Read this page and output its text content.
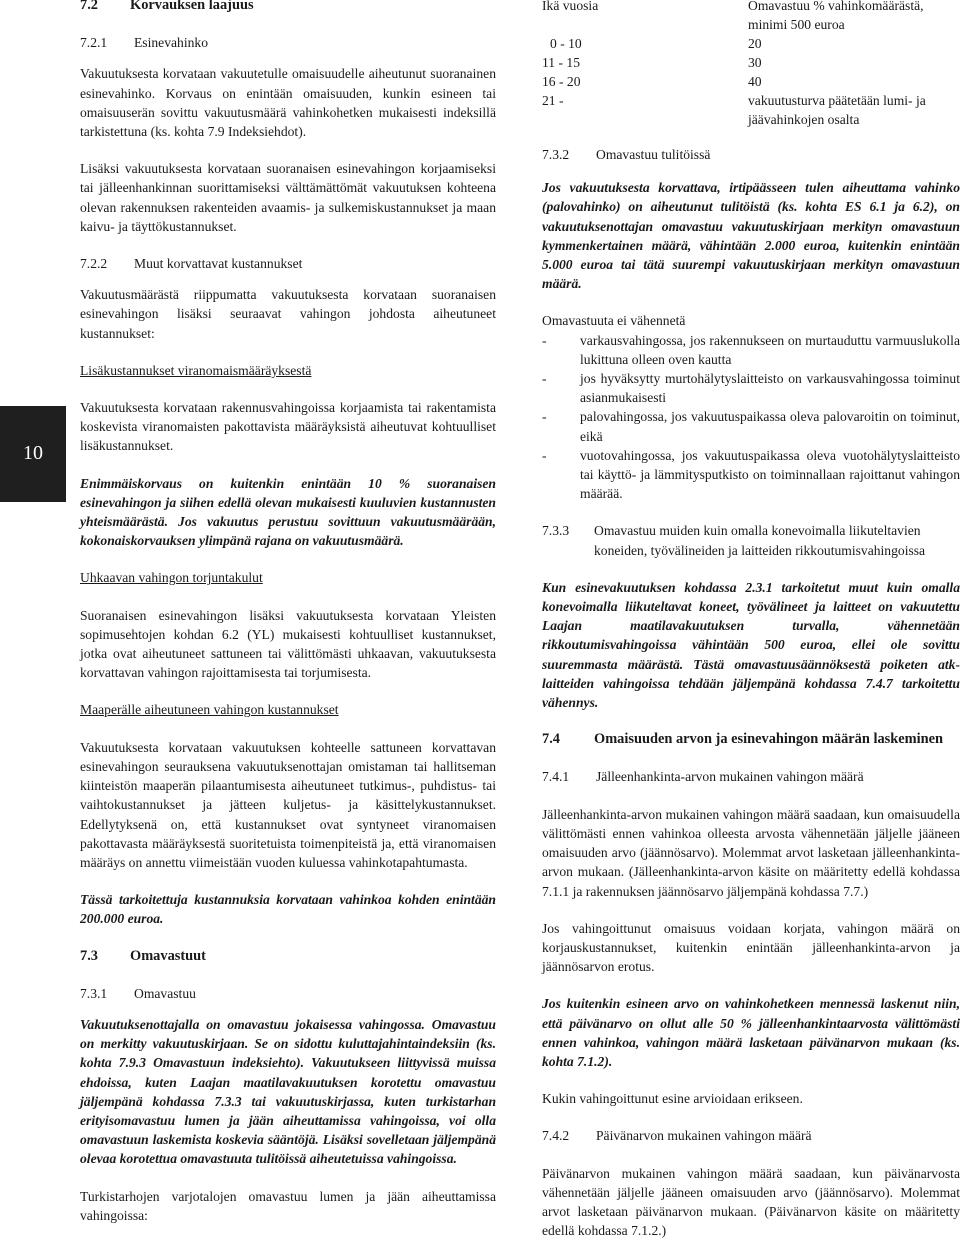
10
7.2	Korvauksen laajuus
7.2.1	Esinevahinko

Vakuutuksesta korvataan vakuutetulle omaisuudelle aiheutunut suoranainen esinevahinko. Korvaus on enintään omaisuuden, kunkin esineen tai omaisuuserän sovittu vakuutusmäärä vahinkohetken mukaisesti indeksillä tarkistettuna (ks. kohta 7.9 Indeksiehdot).

Lisäksi vakuutuksesta korvataan suoranaisen esinevahingon korjaamiseksi tai jälleenhankinnan suorittamiseksi välttämättömät vakuutuksen kohteena olevan rakennuksen rakenteiden avaamis- ja sulkemiskustannukset ja maan kaivu- ja täyttökustannukset.

7.2.2	Muut korvattavat kustannukset

Vakuutusmäärästä riippumatta vakuutuksesta korvataan suoranaisen esinevahingon lisäksi seuraavat vahingon johdosta aiheutuneet kustannukset:

Lisäkustannukset viranomaismääräyksestä

Vakuutuksesta korvataan rakennusvahingoissa korjaamista tai rakentamista koskevista viranomaisten pakottavista määräyksistä aiheutuvat kohtuulliset lisäkustannukset.

Enimmäiskorvaus on kuitenkin enintään 10 % suoranaisen esinevahingon ja siihen edellä olevan mukaisesti kuuluvien kustannusten yhteismäärästä. Jos vakuutus perustuu sovittuun vakuutusmäärään, kokonaiskorvauksen ylimpänä rajana on vakuutusmäärä.

Uhkaavan vahingon torjuntakulut

Suoranaisen esinevahingon lisäksi vakuutuksesta korvataan Yleisten sopimusehtojen kohdan 6.2 (YL) mukaisesti kohtuulliset kustannukset, jotka ovat aiheutuneet sattuneen tai välittömästi uhkaavan, vakuutuksesta korvattavan vahingon rajoittamisesta tai torjumisesta.

Maaperälle aiheutuneen vahingon kustannukset

Vakuutuksesta korvataan vakuutuksen kohteelle sattuneen korvattavan esinevahingon seurauksena vakuutuksenottajan omistaman tai hallitseman kiinteistön maaperän pilaantumisesta aiheutuneet tutkimus-, puhdistus- tai vaihtokustannukset ja jätteen kuljetus- ja käsittelykustannukset. Edellytyksenä on, että kustannukset ovat syntyneet viranomaisen pakottavasta määräyksestä suoritetuista toimenpiteistä ja, että viranomaisen määräys on annettu viimeistään vuoden kuluessa vahinkotapahtumasta.

Tässä tarkoitettuja kustannuksia korvataan vahinkoa kohden enintään 200.000 euroa.

7.3	Omavastuut
7.3.1	Omavastuu

Vakuutuksenottajalla on omavastuu jokaisessa vahingossa. Omavastuu on merkitty vakuutuskirjaan. Se on sidottu kuluttajahintaindeksiin (ks. kohta 7.9.3 Omavastuun indeksiehto). Vakuutukseen liittyvissä muissa ehdoissa, kuten Laajan maatilavakuutuksen korotettu omavastuu jäljempänä kohdassa 7.3.3 tai vakuutuskirjassa, kuten turkistarhan erityisomavastuu lumen ja jään aiheuttamissa vahingoissa, voi olla omavastuun laskemista koskevia sääntöjä. Lisäksi sovelletaan jäljempänä olevaa korotettua omavastuuta tulitöissä aiheutetuissa vahingoissa.

Turkistarhojen varjotalojen omavastuu lumen ja jään aiheuttamissa vahingoissa:

Ikä vuosia	Omavastuu % vahinkomäärästä, minimi 500 euroa
0 - 10	20
11 - 15	30
16 - 20	40
21 -	vakuutusturva päätetään lumi- ja jäävahinkojen osalta
7.3.2	Omavastuu tulitöissä

Jos vakuutuksesta korvattava, irtipäässeen tulen aiheuttama vahinko (palovahinko) on aiheutunut tulitöistä (ks. kohta ES 6.1 ja 6.2), on vakuutuksenottajan omavastuu vakuutuskirjaan merkityn omavastuun kymmenkertainen määrä, vähintään 2.000 euroa, kuitenkin enintään 5.000 euroa tai tätä suurempi vakuutuskirjaan merkityn omavastuun määrä.

Omavastuuta ei vähennetä

-	varkausvahingossa, jos rakennukseen on murtauduttu varmuuslukolla lukittuna olleen oven kautta
-	jos hyväksytty murtohälytyslaitteisto on varkausvahingossa toiminut asianmukaisesti
-	palovahingossa, jos vakuutuspaikassa oleva palovaroitin on toiminut, eikä
-	vuotovahingossa, jos vakuutuspaikassa oleva vuotohälytyslaitteisto tai käyttö- ja lämmitysputkisto on toiminnallaan rajoittanut vahingon määrää.
7.3.3	Omavastuu muiden kuin omalla konevoimalla liikuteltavien koneiden, työvälineiden ja laitteiden rikkoutumisvahingoissa

Kun esinevakuutuksen kohdassa 2.3.1 tarkoitetut muut kuin omalla konevoimalla liikuteltavat koneet, työvälineet ja laitteet on vakuutettu Laajan maatilavakuutuksen turvalla, vähennetään rikkoutumisvahingoissa vähintään 500 euroa, ellei ole sovittu suuremmasta määrästä. Tästä omavastuusäännöksestä poiketen atk-laitteiden vahingoissa tehdään jäljempänä kohdassa 7.4.7 tarkoitettu vähennys.

7.4	Omaisuuden arvon ja esinevahingon määrän laskeminen
7.4.1	Jälleenhankinta-arvon mukainen vahingon määrä

Jälleenhankinta-arvon mukainen vahingon määrä saadaan, kun omaisuudella välittömästi ennen vahinkoa olleesta arvosta vähennetään jäljelle jääneen omaisuuden arvo (jäännösarvo). Molemmat arvot lasketaan jälleenhankinta-arvon mukaan. (Jälleenhankinta-arvon käsite on määritetty edellä kohdassa 7.1.1 ja rakennuksen jäännösarvo jäljempänä kohdassa 7.7.)

Jos vahingoittunut omaisuus voidaan korjata, vahingon määrä on korjauskustannukset, kuitenkin enintään jälleenhankinta-arvon ja jäännösarvon erotus.

Jos kuitenkin esineen arvo on vahinkohetkeen mennessä laskenut niin, että päivänarvo on ollut alle 50 % jälleenhankintaarvosta välittömästi ennen vahinkoa, vahingon määrä lasketaan päivänarvon mukaan (ks. kohta 7.1.2).

Kukin vahingoittunut esine arvioidaan erikseen.

7.4.2	Päivänarvon mukainen vahingon määrä

Päivänarvon mukainen vahingon määrä saadaan, kun päivänarvosta vähennetään jäljelle jääneen omaisuuden arvo (jäännösarvo). Molemmat arvot lasketaan päivänarvon mukaan. (Päivänarvon käsite on määritetty edellä kohdassa 7.1.2.)
